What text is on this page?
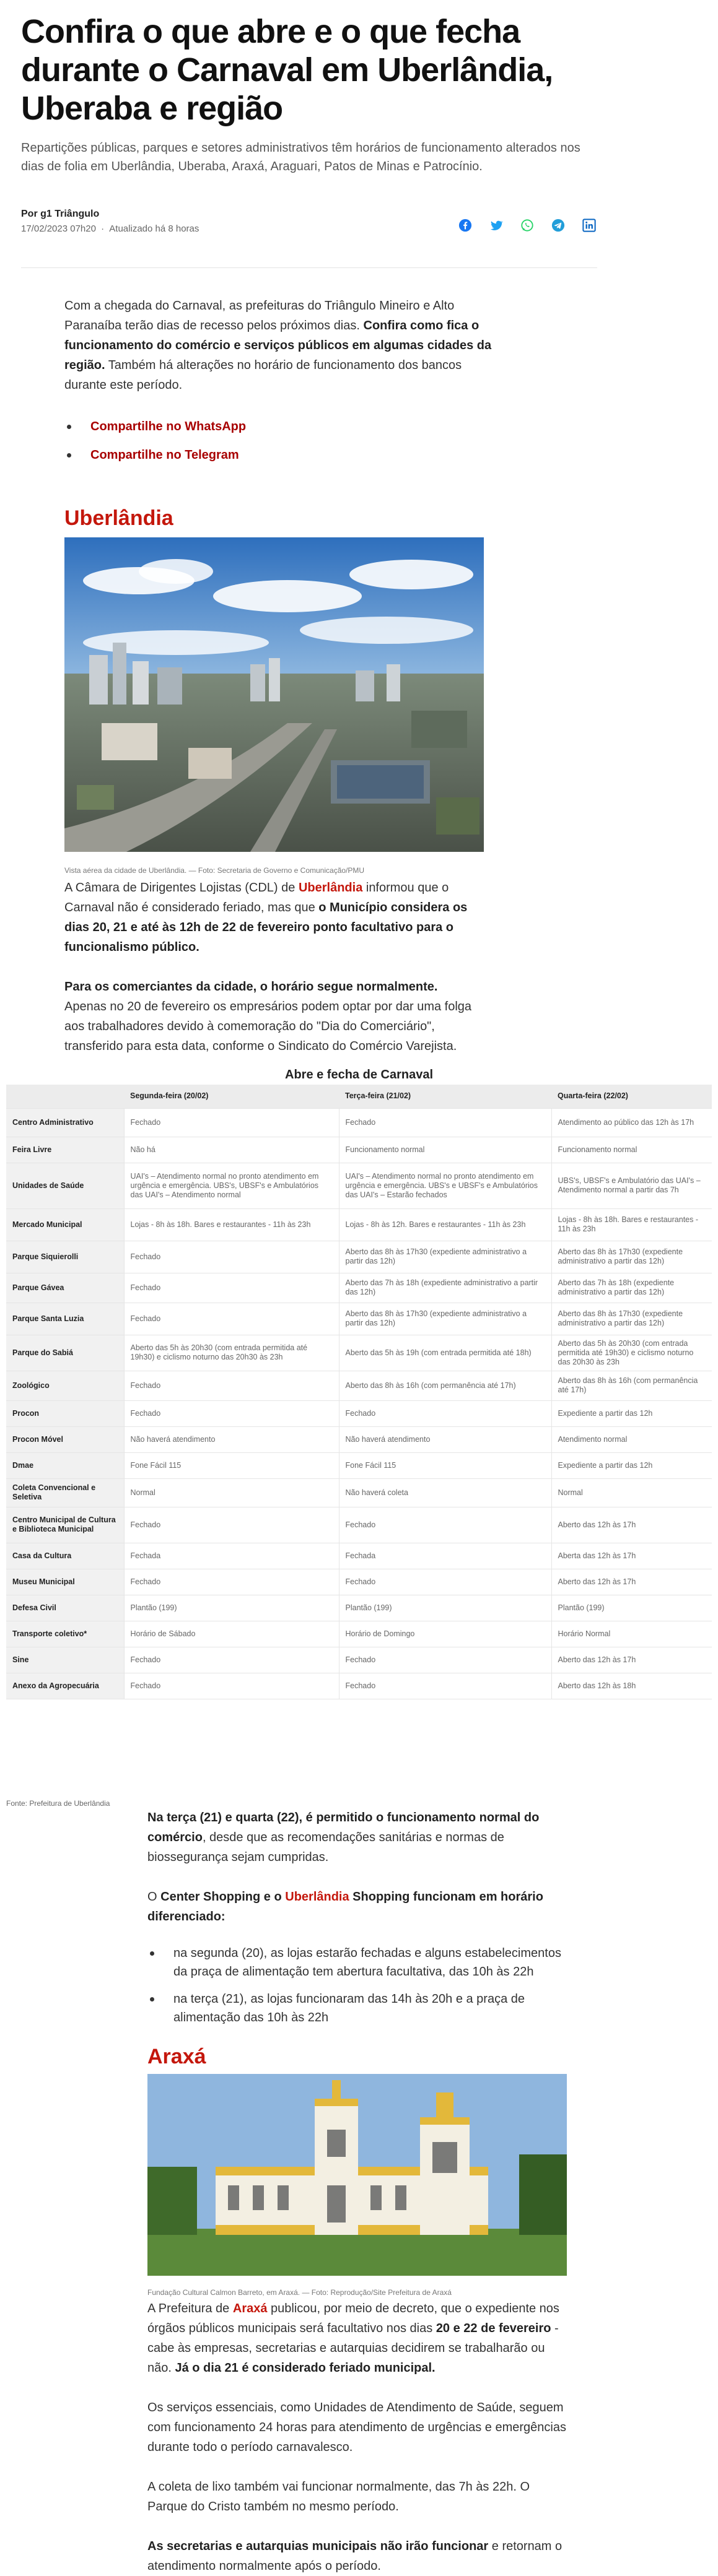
Confira o que abre e o que fecha durante o Carnaval em Uberlândia, Uberaba e região

Repartições públicas, parques e setores administrativos têm horários de funcionamento alterados nos dias de folia em Uberlândia, Uberaba, Araxá, Araguari, Patos de Minas e Patrocínio.

Por g1 Triângulo
17/02/2023 07h20 · Atualizado há 8 horas

Com a chegada do Carnaval, as prefeituras do Triângulo Mineiro e Alto Paranaíba terão dias de recesso pelos próximos dias. Confira como fica o funcionamento do comércio e serviços públicos em algumas cidades da região. Também há alterações no horário de funcionamento dos bancos durante este período.

Compartilhe no WhatsApp
Compartilhe no Telegram
Uberlândia
Vista aérea da cidade de Uberlândia. — Foto: Secretaria de Governo e Comunicação/PMU

A Câmara de Dirigentes Lojistas (CDL) de Uberlândia informou que o Carnaval não é considerado feriado, mas que o Município considera os dias 20, 21 e até às 12h de 22 de fevereiro ponto facultativo para o funcionalismo público.

Para os comerciantes da cidade, o horário segue normalmente.
Apenas no 20 de fevereiro os empresários podem optar por dar uma folga aos trabalhadores devido à comemoração do "Dia do Comerciário", transferido para esta data, conforme o Sindicato do Comércio Varejista.

Abre e fecha de Carnaval
	Segunda-feira (20/02)	Terça-feira (21/02)	Quarta-feira (22/02)
Centro Administrativo	Fechado	Fechado	Atendimento ao público das 12h às 17h
Feira Livre	Não há	Funcionamento normal	Funcionamento normal
Unidades de Saúde	UAI's – Atendimento normal no pronto atendimento em urgência e emergência. UBS's, UBSF's e Ambulatórios das UAI's – Atendimento normal	UAI's – Atendimento normal no pronto atendimento em urgência e emergência. UBS's e UBSF's e Ambulatórios das UAI's – Estarão fechados	UBS's, UBSF's e Ambulatório das UAI's – Atendimento normal a partir das 7h
Mercado Municipal	Lojas - 8h às 18h. Bares e restaurantes - 11h às 23h	Lojas - 8h às 12h. Bares e restaurantes - 11h às 23h	Lojas - 8h às 18h. Bares e restaurantes - 11h às 23h
Parque Siquierolli	Fechado	Aberto das 8h às 17h30 (expediente administrativo a partir das 12h)	Aberto das 8h às 17h30 (expediente administrativo a partir das 12h)
Parque Gávea	Fechado	Aberto das 7h às 18h (expediente administrativo a partir das 12h)	Aberto das 7h às 18h (expediente administrativo a partir das 12h)
Parque Santa Luzia	Fechado	Aberto das 8h às 17h30 (expediente administrativo a partir das 12h)	Aberto das 8h às 17h30 (expediente administrativo a partir das 12h)
Parque do Sabiá	Aberto das 5h às 20h30 (com entrada permitida até 19h30) e ciclismo noturno das 20h30 às 23h	Aberto das 5h às 19h (com entrada permitida até 18h)	Aberto das 5h às 20h30 (com entrada permitida até 19h30) e ciclismo noturno das 20h30 às 23h
Zoológico	Fechado	Aberto das 8h às 16h (com permanência até 17h)	Aberto das 8h às 16h (com permanência até 17h)
Procon	Fechado	Fechado	Expediente a partir das 12h
Procon Móvel	Não haverá atendimento	Não haverá atendimento	Atendimento normal
Dmae	Fone Fácil 115	Fone Fácil 115	Expediente a partir das 12h
Coleta Convencional e Seletiva	Normal	Não haverá coleta	Normal
Centro Municipal de Cultura e Biblioteca Municipal	Fechado	Fechado	Aberto das 12h às 17h
Casa da Cultura	Fechada	Fechada	Aberta das 12h às 17h
Museu Municipal	Fechado	Fechado	Aberto das 12h às 17h
Defesa Civil	Plantão (199)	Plantão (199)	Plantão (199)
Transporte coletivo*	Horário de Sábado	Horário de Domingo	Horário Normal
Sine	Fechado	Fechado	Aberto das 12h às 17h
Anexo da Agropecuária	Fechado	Fechado	Aberto das 12h às 18h
Fonte: Prefeitura de Uberlândia

Na terça (21) e quarta (22), é permitido o funcionamento normal do comércio, desde que as recomendações sanitárias e normas de biossegurança sejam cumpridas.

O Center Shopping e o Uberlândia Shopping funcionam em horário diferenciado:

na segunda (20), as lojas estarão fechadas e alguns estabelecimentos da praça de alimentação tem abertura facultativa, das 10h às 22h
na terça (21), as lojas funcionaram das 14h às 20h e a praça de alimentação das 10h às 22h
Araxá
Fundação Cultural Calmon Barreto, em Araxá. — Foto: Reprodução/Site Prefeitura de Araxá

A Prefeitura de Araxá publicou, por meio de decreto, que o expediente nos órgãos públicos municipais será facultativo nos dias 20 e 22 de fevereiro - cabe às empresas, secretarias e autarquias decidirem se trabalharão ou não. Já o dia 21 é considerado feriado municipal.

Os serviços essenciais, como Unidades de Atendimento de Saúde, seguem com funcionamento 24 horas para atendimento de urgências e emergências durante todo o período carnavalesco.

A coleta de lixo também vai funcionar normalmente, das 7h às 22h. O Parque do Cristo também no mesmo período.

As secretarias e autarquias municipais não irão funcionar e retornam o atendimento normalmente após o período.
